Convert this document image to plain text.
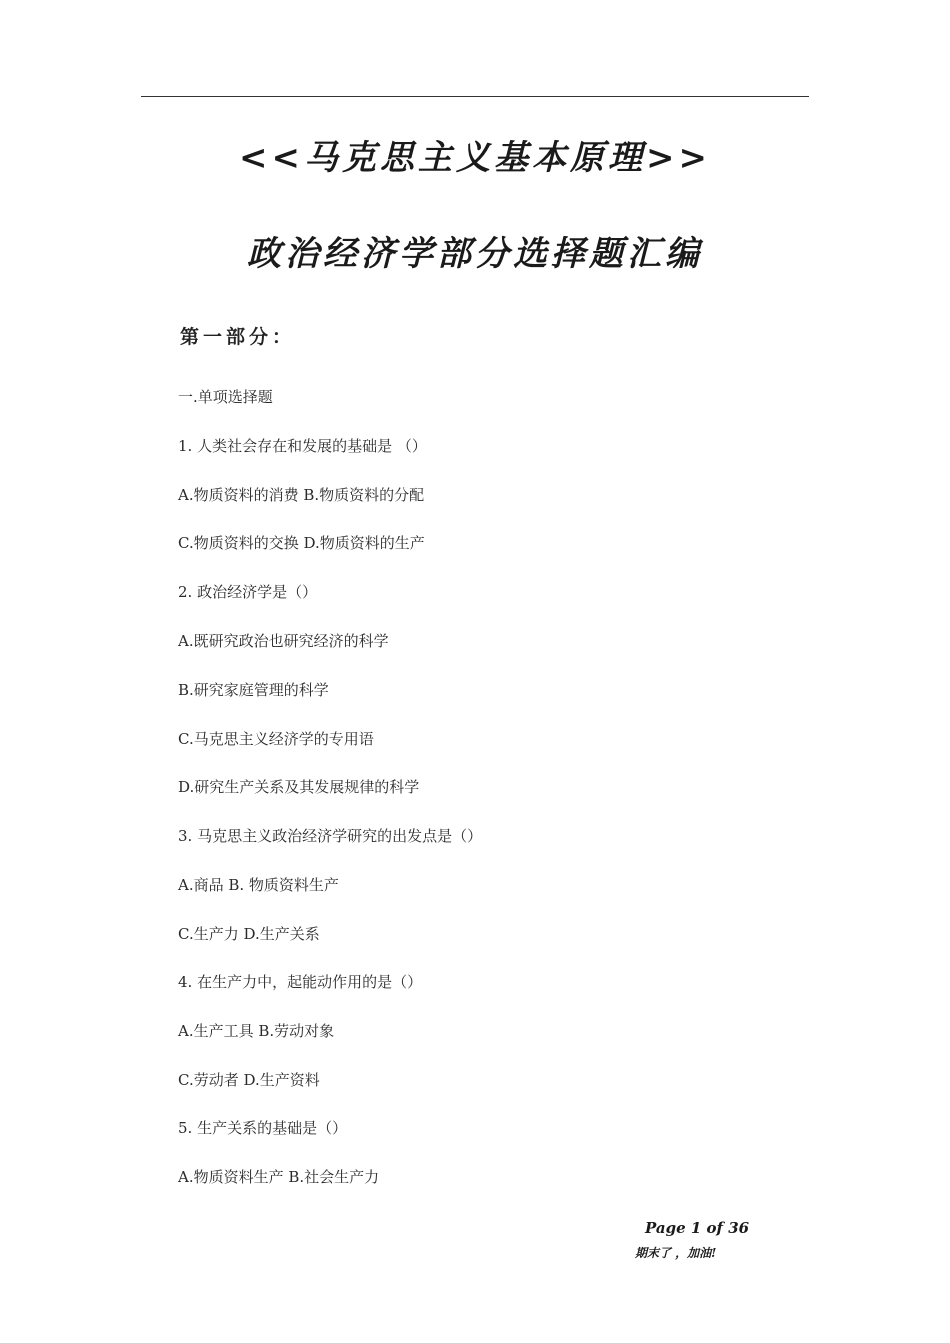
<<马克思主义基本原理>>
政治经济学部分选择题汇编
第一部分：
一.单项选择题
1. 人类社会存在和发展的基础是 （）
A.物质资料的消费 B.物质资料的分配
C.物质资料的交换 D.物质资料的生产
2. 政治经济学是（）
A.既研究政治也研究经济的科学
B.研究家庭管理的科学
C.马克思主义经济学的专用语
D.研究生产关系及其发展规律的科学
3. 马克思主义政治经济学研究的出发点是（）
A.商品 B. 物质资料生产
C.生产力 D.生产关系
4. 在生产力中，起能动作用的是（）
A.生产工具 B.劳动对象
C.劳动者 D.生产资料
5. 生产关系的基础是（）
A.物质资料生产 B.社会生产力
Page 1 of 36
期末了 ，加油!
